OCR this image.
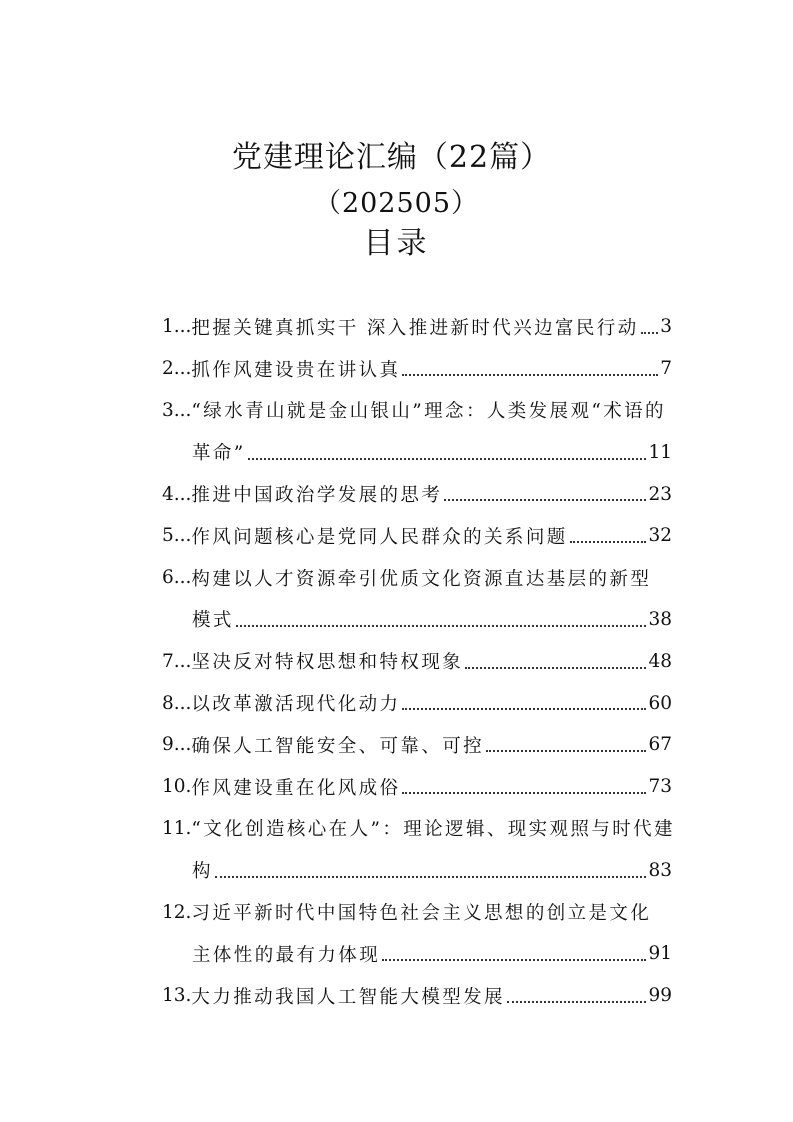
党建理论汇编（22篇）
（202505）
目录
1... 把握关键真抓实干 深入推进新时代兴边富民行动 3
2... 抓作风建设贵在讲认真	7
3... “绿水青山就是金山银山”理念：人类发展观“术语的
革命”	11
4... 推进中国政治学发展的思考	23
5... 作风问题核心是党同人民群众的关系问题	32
6... 构建以人才资源牵引优质文化资源直达基层的新型
模式	38
7... 坚决反对特权思想和特权现象	48
8... 以改革激活现代化动力	60
9... 确保人工智能安全、可靠、可控	67
10. 作风建设重在化风成俗	73
11. “文化创造核心在人”：理论逻辑、现实观照与时代建
构	83
12. 习近平新时代中国特色社会主义思想的创立是文化
主体性的最有力体现	91
13. 大力推动我国人工智能大模型发展	99
